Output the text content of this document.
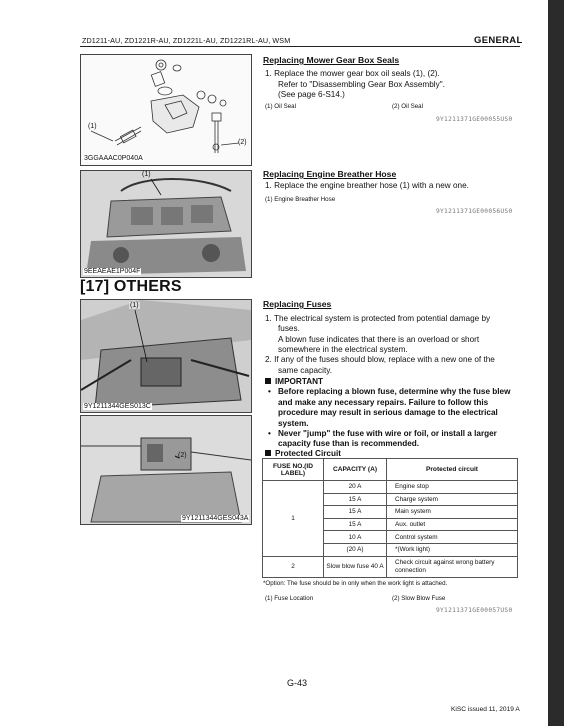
ZD1211-AU, ZD1221R-AU, ZD1221L-AU, ZD1221RL-AU, WSM	GENERAL
(1)
(2)
3GGAAAC0P040A
(1)
9EEAEAE1P004F
[17] OTHERS
(1)
9Y1211344GES013C
(2)
9Y1211344GES043A
Replacing Mower Gear Box Seals
1. Replace the mower gear box oil seals (1), (2).
Refer to "Disassembling Gear Box Assembly".
(See page 6-S14.)
(1) Oil Seal	(2) Oil Seal
9Y1211371GE00055US0
Replacing Engine Breather Hose
1. Replace the engine breather hose (1) with a new one.
(1) Engine Breather Hose
9Y1211371GE00056US0
Replacing Fuses
1. The electrical system is protected from potential damage by
fuses.
A blown fuse indicates that there is an overload or short
somewhere in the electrical system.
2. If any of the fuses should blow, replace with a new one of the
same capacity.
IMPORTANT
• Before replacing a blown fuse, determine why the fuse blew
and make any necessary repairs. Failure to follow this
procedure may result in serious damage to the electrical
system.
• Never "jump" the fuse with wire or foil, or install a larger
capacity fuse than is recommended.
Protected Circuit
FUSE NO.(ID LABEL)	CAPACITY (A)	Protected circuit
1	20 A	Engine stop
	15 A	Charge system
	15 A	Main system
	15 A	Aux. outlet
	10 A	Control system
	(20 A)	*(Work light)
2	Slow blow fuse 40 A	Check circuit against wrong battery connection
*Option: The fuse should be in only when the work light is attached.
(1) Fuse Location	(2) Slow Blow Fuse
9Y1211371GE00057US0
G-43
KiSC issued 11, 2019 A
